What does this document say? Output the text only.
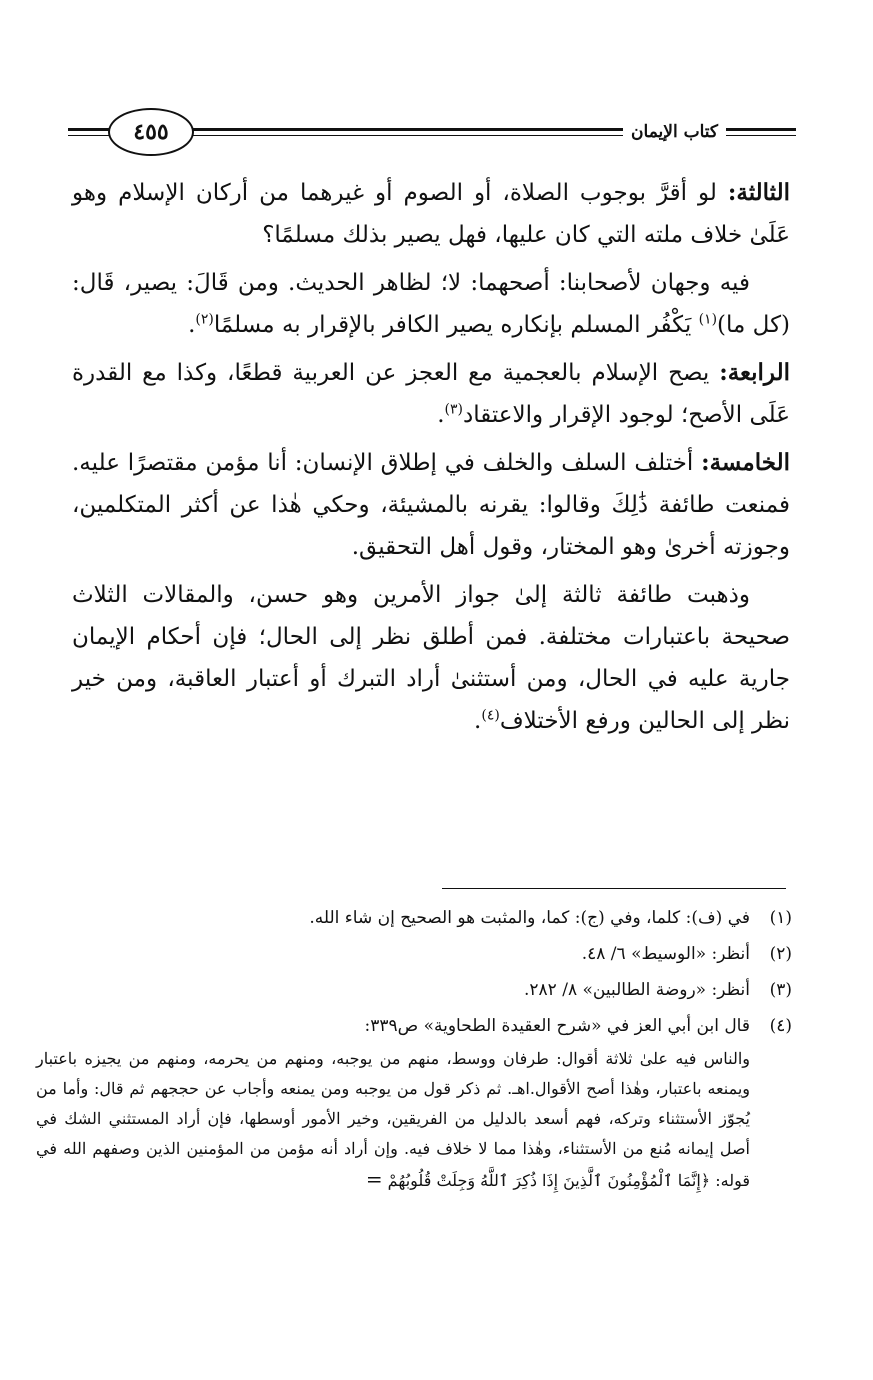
كتاب الإيمان
٤٥٥

الثالثة: لو أقرَّ بوجوب الصلاة، أو الصوم أو غيرهما من أركان الإسلام وهو عَلَىٰ خلاف ملته التي كان عليها، فهل يصير بذلك مسلمًا؟

فيه وجهان لأصحابنا: أصحهما: لا؛ لظاهر الحديث. ومن قَالَ: يصير، قَال: (كل ما)$^{(١)}$ يَكْفُر المسلم بإنكاره يصير الكافر بالإقرار به مسلمًا$^{(٢)}$.

الرابعة: يصح الإسلام بالعجمية مع العجز عن العربية قطعًا، وكذا مع القدرة عَلَى الأصح؛ لوجود الإقرار والاعتقاد$^{(٣)}$.

الخامسة: أختلف السلف والخلف في إطلاق الإنسان: أنا مؤمن مقتصرًا عليه. فمنعت طائفة ذَٰلِكَ وقالوا: يقرنه بالمشيئة، وحكي هٰذا عن أكثر المتكلمين، وجوزته أخرىٰ وهو المختار، وقول أهل التحقيق.

وذهبت طائفة ثالثة إلىٰ جواز الأمرين وهو حسن، والمقالات الثلاث صحيحة باعتبارات مختلفة. فمن أطلق نظر إلى الحال؛ فإن أحكام الإيمان جارية عليه في الحال، ومن أستثنىٰ أراد التبرك أو أعتبار العاقبة، ومن خير نظر إلى الحالين ورفع الأختلاف$^{(٤)}$.

(١)
في (ف): كلما، وفي (ج): كما، والمثبت هو الصحيح إن شاء الله.
(٢)
أنظر: «الوسيط» ٦/ ٤٨.
(٣)
أنظر: «روضة الطالبين» ٨/ ٢٨٢.
(٤)
قال ابن أبي العز في «شرح العقيدة الطحاوية» ص٣٣٩:
والناس فيه علىٰ ثلاثة أقوال: طرفان ووسط، منهم من يوجبه، ومنهم من يحرمه، ومنهم من يجيزه باعتبار ويمنعه باعتبار، وهٰذا أصح الأقوال.اهـ. ثم ذكر قول من يوجبه ومن يمنعه وأجاب عن حججهم ثم قال: وأما من يُجوّز الأستثناء وتركه، فهم أسعد بالدليل من الفريقين، وخير الأمور أوسطها، فإن أراد المستثني الشك في أصل إيمانه مُنع من الأستثناء، وهٰذا مما لا خلاف فيه. وإن أراد أنه مؤمن من المؤمنين الذين وصفهم الله في قوله: ﴿إِنَّمَا ٱلْمُؤْمِنُونَ ٱلَّذِينَ إِذَا ذُكِرَ ٱللَّهُ وَجِلَتْ قُلُوبُهُمْ =
